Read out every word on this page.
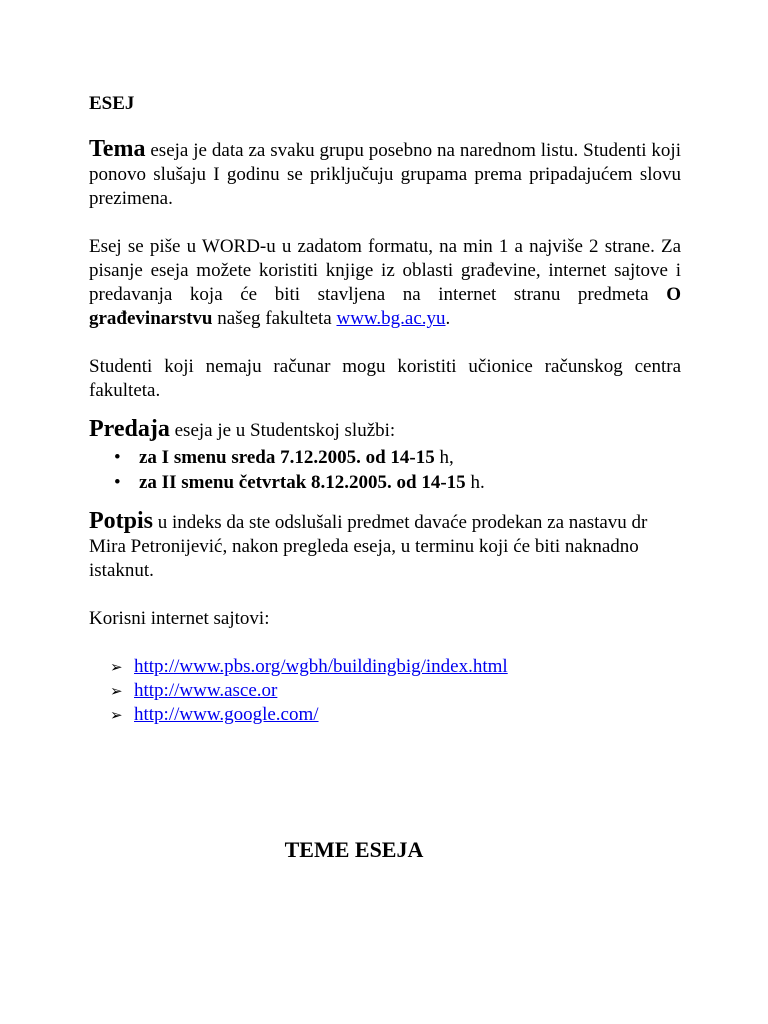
ESEJ

Tema eseja je data za svaku grupu posebno na narednom listu. Studenti koji ponovo slušaju I godinu se priključuju grupama prema pripadajućem slovu prezimena.

Esej se piše u WORD-u u zadatom formatu, na min 1 a najviše 2 strane. Za pisanje eseja možete koristiti knjige iz oblasti građevine, internet sajtove i predavanja koja će biti stavljena na internet stranu predmeta O građevinarstvu našeg fakulteta www.bg.ac.yu.

Studenti koji nemaju računar mogu koristiti učionice računskog centra fakulteta.

Predaja eseja je u Studentskoj službi:

• za I smenu sreda 7.12.2005. od 14-15 h,
• za II smenu četvrtak 8.12.2005. od 14-15 h.

Potpis u indeks da ste odslušali predmet davaće prodekan za nastavu dr Mira Petronijević, nakon pregleda eseja, u terminu koji će biti naknadno istaknut.

Korisni internet sajtovi:

➢ http://www.pbs.org/wgbh/buildingbig/index.html
➢ http://www.asce.or
➢ http://www.google.com/

TEME ESEJA
